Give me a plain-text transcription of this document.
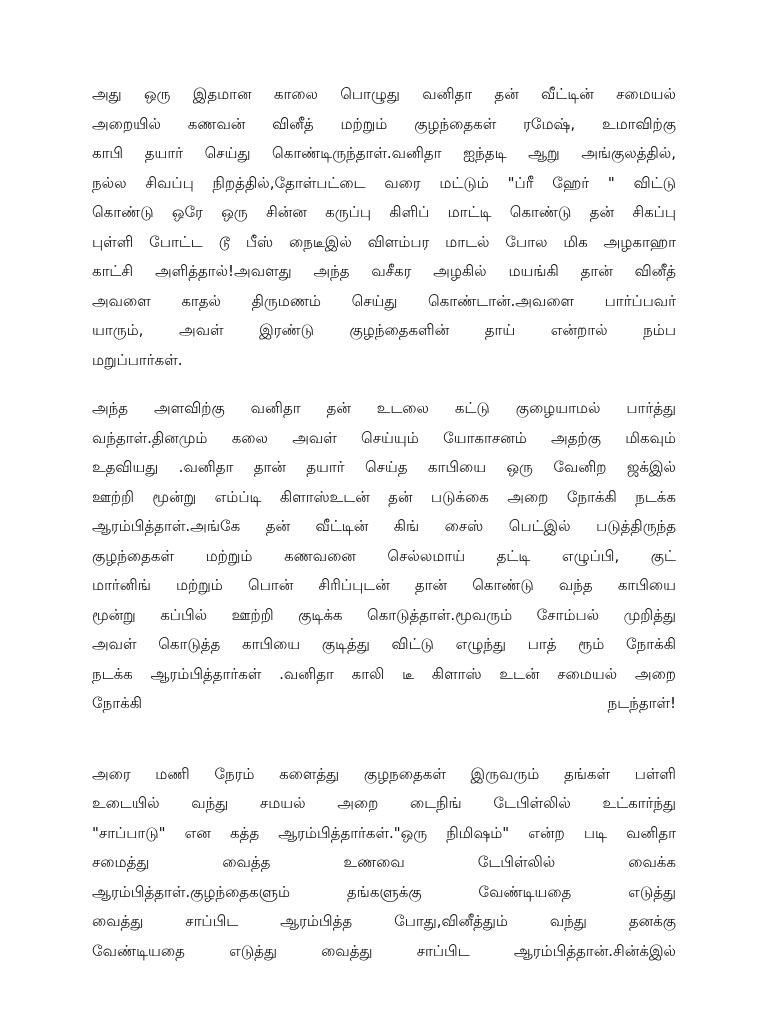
அது ஒரு இதமான காலை பொழுது வனிதா தன் வீட்டின் சமையல்
அறையில் கணவன் வினீத் மற்றும் குழந்தைகள் ரமேஷ், உமாவிற்கு
காபி தயார் செய்து கொண்டிருந்தாள்.வனிதா ஐந்தடி ஆறு அங்குலத்தில்,
நல்ல சிவப்பு நிறத்தில்,தோள்பட்டை வரை மட்டும் "ப்ரீ ஹேர் " விட்டு
கொண்டு ஒரே ஒரு சின்ன கருப்பு கிளிப் மாட்டி கொண்டு தன் சிகப்பு
புள்ளி போட்ட டூ பீஸ் நைடீஇல் விளம்பர மாடல் போல மிக அழகாஹா
காட்சி அளித்தால்!அவளது அந்த வசீகர அழகில் மயங்கி தான் வினீத்
அவளை காதல் திருமணம் செய்து கொண்டான்.அவளை பார்ப்பவர்
யாரும், அவள் இரண்டு குழந்தைகளின் தாய் என்றால் நம்ப
மறுப்பார்கள்.

அந்த அளவிற்கு வனிதா தன் உடலை கட்டு குழையாமல் பார்த்து
வந்தாள்.தினமும் கலை அவள் செய்யும் யோகாசனம் அதற்கு மிகவும்
உதவியது .வனிதா தான் தயார் செய்த காபியை ஒரு வேனிற ஜக்இல்
ஊற்றி மூன்று எம்ப்டி கிளாஸ்உடன் தன் படுக்கை அறை நோக்கி நடக்க
ஆரம்பித்தாள்.அங்கே தன் வீட்டின் கிங் சைஸ் பெட்இல் படுத்திருந்த
குழந்தைகள் மற்றும் கணவனை செல்லமாய் தட்டி எழுப்பி, குட்
மார்னிங் மற்றும் பொன் சிரிப்புடன் தான் கொண்டு வந்த காபியை
மூன்று கப்பில் ஊற்றி குடிக்க கொடுத்தாள்.மூவரும் சோம்பல் முறித்து
அவள் கொடுத்த காபியை குடித்து விட்டு எழுந்து பாத் ரூம் நோக்கி
நடக்க ஆரம்பித்தார்கள் .வனிதா காலி டீ கிளாஸ் உடன் சமையல் அறை
நோக்கி	நடந்தாள்!

அரை மணி நேரம் களைத்து குழநதைகள் இருவரும் தங்கள் பள்ளி
உடையில் வந்து சமயல் அறை டைநிங் டேபிள்லில் உட்கார்ந்து
"சாப்பாடு" என கத்த ஆரம்பித்தார்கள்."ஒரு நிமிஷம்" என்ற படி வனிதா
சமைத்து வைத்த உணவை டேபிள்லில் வைக்க
ஆரம்பித்தாள்.குழந்தைகளும் தங்களுக்கு வேண்டியதை எடுத்து
வைத்து சாப்பிட ஆரம்பித்த போது,வினீத்தும் வந்து தனக்கு
வேண்டியதை எடுத்து வைத்து சாப்பிட ஆரம்பித்தான்.சின்க்இல்
